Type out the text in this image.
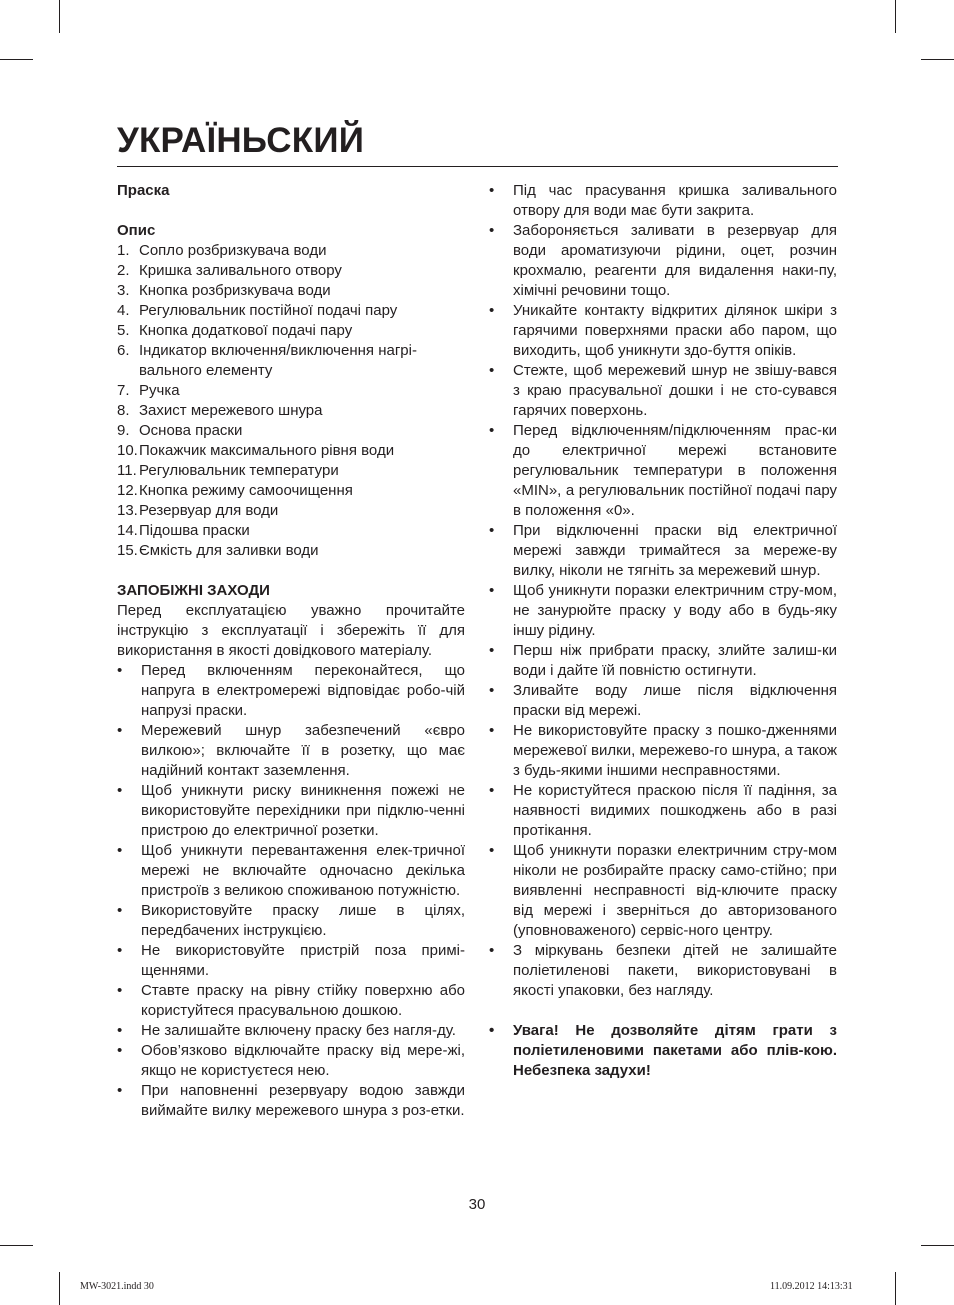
УКРАЇНЬСКИЙ
Праска
Опис
1. Сопло розбризкувача води
2. Кришка заливального отвору
3. Кнопка розбризкувача води
4. Регулювальник постійної подачі пару
5. Кнопка додаткової подачі пару
6. Індикатор включення/виключення нагрі-вального елементу
7. Ручка
8. Захист мережевого шнура
9. Основа праски
10. Покажчик максимального рівня води
11. Регулювальник температури
12. Кнопка режиму самоочищення
13. Резервуар для води
14. Підошва праски
15. Ємкість для заливки води
ЗАПОБІЖНІ ЗАХОДИ
Перед експлуатацією уважно прочитайте інструкцію з експлуатації і збережіть її для використання в якості довідкового матеріалу.
• Перед включенням переконайтеся, що напруга в електромережі відповідає робо-чій напрузі праски.
• Мережевий шнур забезпечений «євро вилкою»; включайте її в розетку, що має надійний контакт заземлення.
• Щоб уникнути риску виникнення пожежі не використовуйте перехідники при підклю-ченні пристрою до електричної розетки.
• Щоб уникнути перевантаження елек-тричної мережі не включайте одночасно декілька пристроїв з великою споживаною потужністю.
• Використовуйте праску лише в цілях, передбачених інструкцією.
• Не використовуйте пристрій поза примі-щеннями.
• Ставте праску на рівну стійку поверхню або користуйтеся прасувальною дошкою.
• Не залишайте включену праску без нагля-ду.
• Обов’язково відключайте праску від мере-жі, якщо не користуєтеся нею.
• При наповненні резервуару водою завжди виймайте вилку мережевого шнура з роз-етки.
• Під час прасування кришка заливального отвору для води має бути закрита.
• Забороняється заливати в резервуар для води ароматизуючи рідини, оцет, розчин крохмалю, реагенти для видалення наки-пу, хімічні речовини тощо.
• Уникайте контакту відкритих ділянок шкіри з гарячими поверхнями праски або паром, що виходить, щоб уникнути здо-буття опіків.
• Стежте, щоб мережевий шнур не звішу-вався з краю прасувальної дошки і не сто-сувався гарячих поверхонь.
• Перед відключенням/підключенням прас-ки до електричної мережі встановите регулювальник температури в положення «MIN», а регулювальник постійної подачі пару в положення «0».
• При відключенні праски від електричної мережі завжди тримайтеся за мереже-ву вилку, ніколи не тягніть за мережевий шнур.
• Щоб уникнути поразки електричним стру-мом, не занурюйте праску у воду або в будь-яку іншу рідину.
• Перш ніж прибрати праску, злийте залиш-ки води і дайте їй повністю остигнути.
• Зливайте воду лише після відключення праски від мережі.
• Не використовуйте праску з пошко-дженнями мережевої вилки, мережево-го шнура, а також з будь-якими іншими несправностями.
• Не користуйтеся праскою після її падіння, за наявності видимих пошкоджень або в разі протікання.
• Щоб уникнути поразки електричним стру-мом ніколи не розбирайте праску само-стійно; при виявленні несправності від-ключите праску від мережі і зверніться до авторизованого (уповноваженого) сервіс-ного центру.
• З міркувань безпеки дітей не залишайте поліетиленові пакети, використовувані в якості упаковки, без нагляду.
• Увага! Не дозволяйте дітям грати з поліетиленовими пакетами або плів-кою. Небезпека задухи!
30
MW-3021.indd 30	11.09.2012 14:13:31
